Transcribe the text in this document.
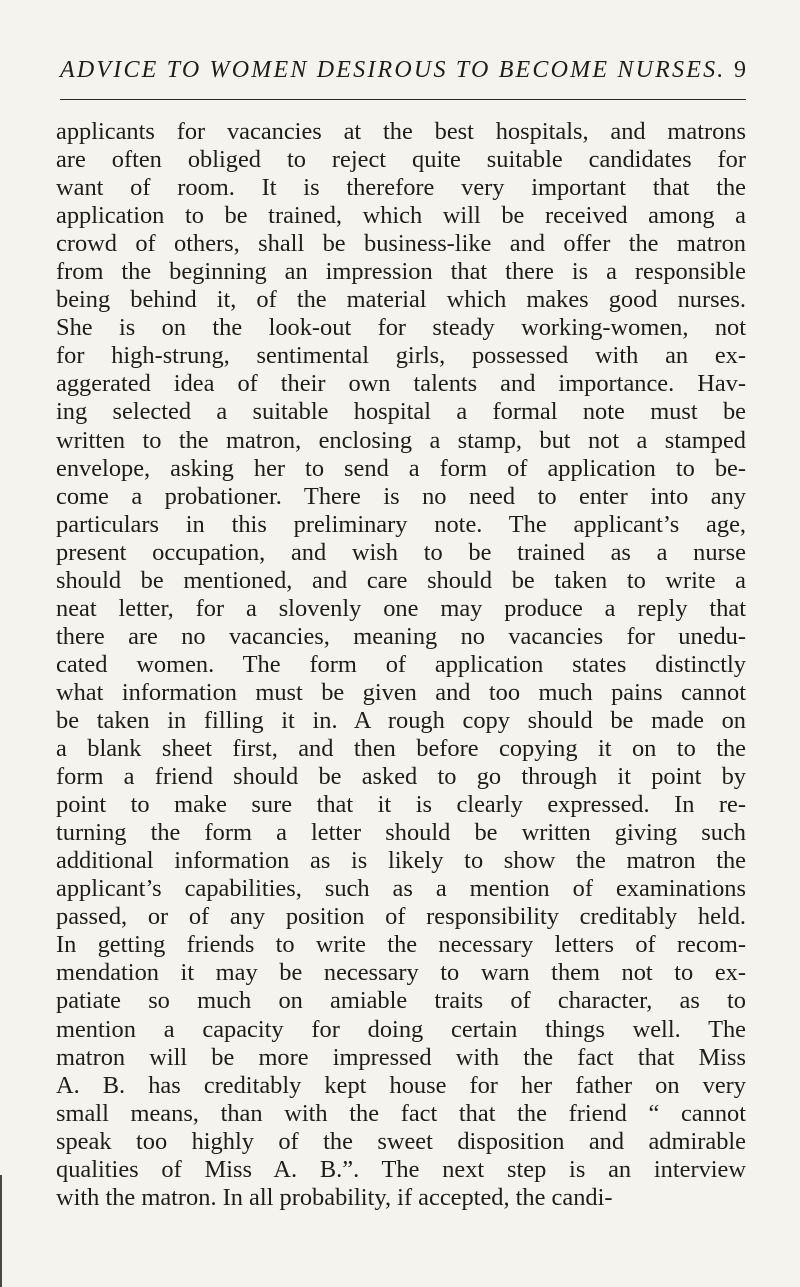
ADVICE TO WOMEN DESIROUS TO BECOME NURSES. 9
applicants for vacancies at the best hospitals, and matrons
are often obliged to reject quite suitable candidates for
want of room. It is therefore very important that the
application to be trained, which will be received among a
crowd of others, shall be business-like and offer the matron
from the beginning an impression that there is a responsible
being behind it, of the material which makes good nurses.
She is on the look-out for steady working-women, not
for high-strung, sentimental girls, possessed with an ex-
aggerated idea of their own talents and importance. Hav-
ing selected a suitable hospital a formal note must be
written to the matron, enclosing a stamp, but not a stamped
envelope, asking her to send a form of application to be-
come a probationer. There is no need to enter into any
particulars in this preliminary note. The applicant’s age,
present occupation, and wish to be trained as a nurse
should be mentioned, and care should be taken to write a
neat letter, for a slovenly one may produce a reply that
there are no vacancies, meaning no vacancies for unedu-
cated women. The form of application states distinctly
what information must be given and too much pains cannot
be taken in filling it in. A rough copy should be made on
a blank sheet first, and then before copying it on to the
form a friend should be asked to go through it point by
point to make sure that it is clearly expressed. In re-
turning the form a letter should be written giving such
additional information as is likely to show the matron the
applicant’s capabilities, such as a mention of examinations
passed, or of any position of responsibility creditably held.
In getting friends to write the necessary letters of recom-
mendation it may be necessary to warn them not to ex-
patiate so much on amiable traits of character, as to
mention a capacity for doing certain things well. The
matron will be more impressed with the fact that Miss
A. B. has creditably kept house for her father on very
small means, than with the fact that the friend “ cannot
speak too highly of the sweet disposition and admirable
qualities of Miss A. B.”. The next step is an interview
with the matron. In all probability, if accepted, the candi-
